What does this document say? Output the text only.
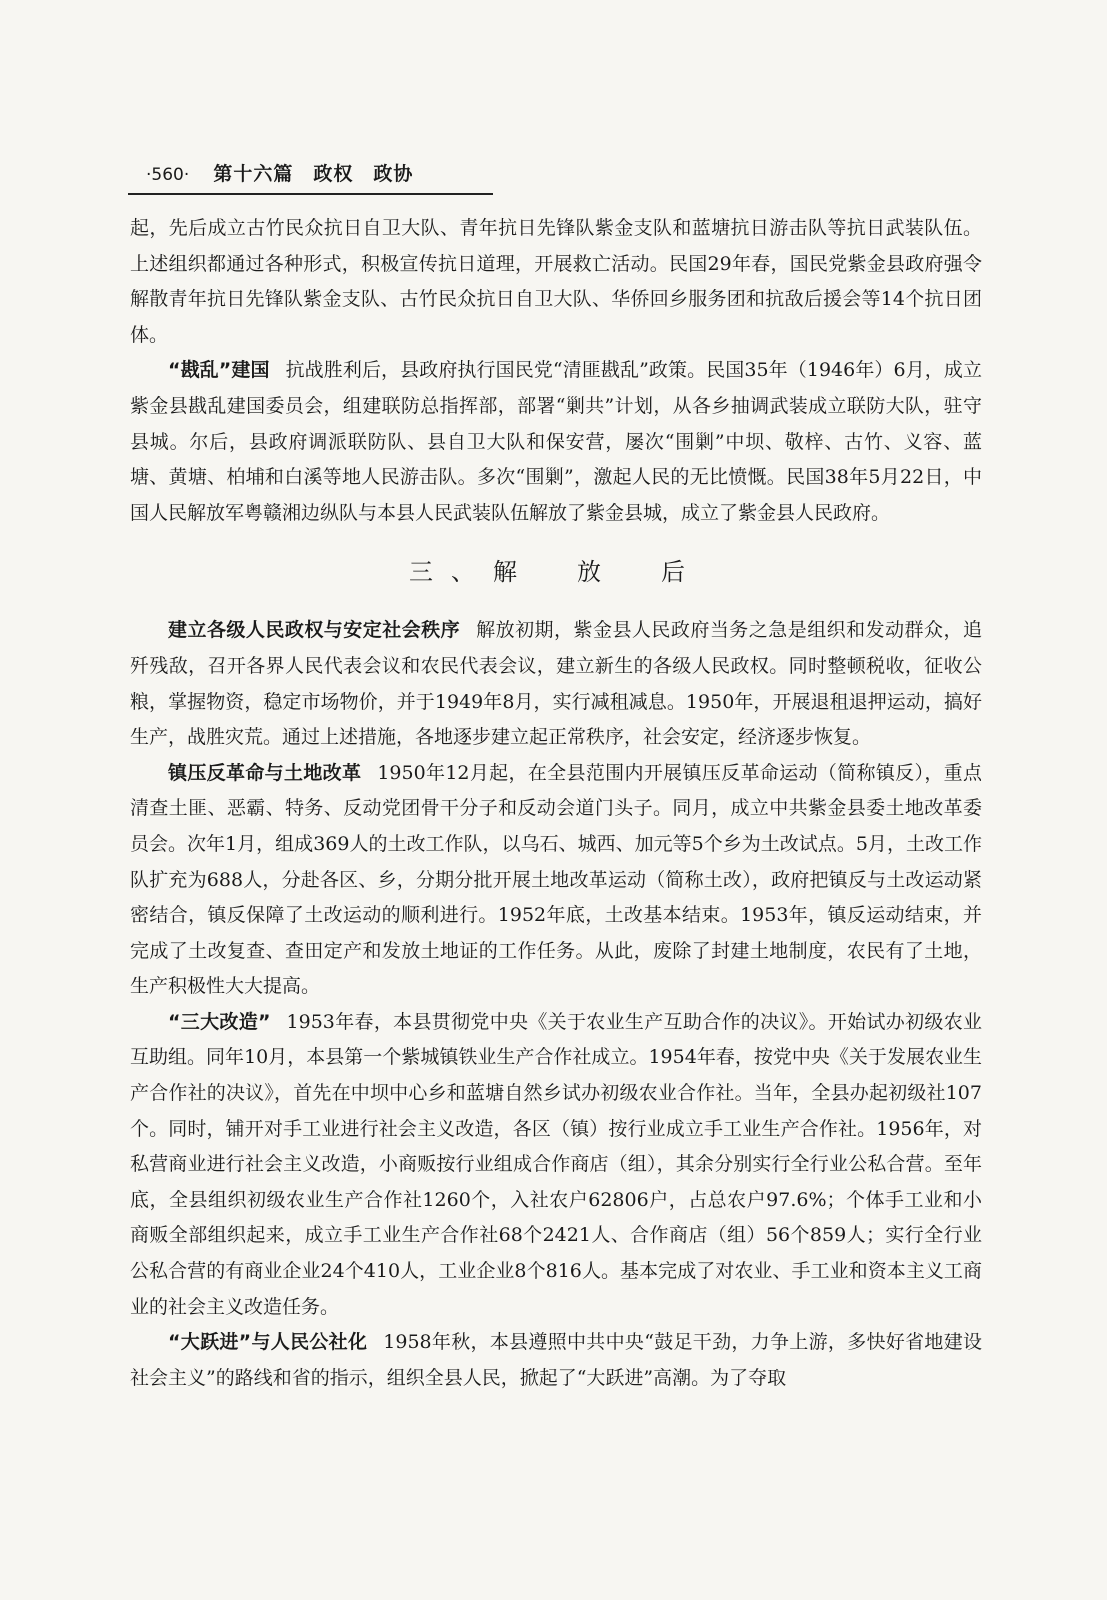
·560· 第十六篇　政权　政协

起，先后成立古竹民众抗日自卫大队、青年抗日先锋队紫金支队和蓝塘抗日游击队等抗日武装队伍。上述组织都通过各种形式，积极宣传抗日道理，开展救亡活动。民国29年春，国民党紫金县政府强令解散青年抗日先锋队紫金支队、古竹民众抗日自卫大队、华侨回乡服务团和抗敌后援会等14个抗日团体。

“戡乱”建国 抗战胜利后，县政府执行国民党“清匪戡乱”政策。民国35年（1946年）6月，成立紫金县戡乱建国委员会，组建联防总指挥部，部署“剿共”计划，从各乡抽调武装成立联防大队，驻守县城。尔后，县政府调派联防队、县自卫大队和保安营，屡次“围剿”中坝、敬梓、古竹、义容、蓝塘、黄塘、柏埔和白溪等地人民游击队。多次“围剿”，激起人民的无比愤慨。民国38年5月22日，中国人民解放军粤赣湘边纵队与本县人民武装队伍解放了紫金县城，成立了紫金县人民政府。

三、解　放　后

建立各级人民政权与安定社会秩序 解放初期，紫金县人民政府当务之急是组织和发动群众，追歼残敌，召开各界人民代表会议和农民代表会议，建立新生的各级人民政权。同时整顿税收，征收公粮，掌握物资，稳定市场物价，并于1949年8月，实行减租减息。1950年，开展退租退押运动，搞好生产，战胜灾荒。通过上述措施，各地逐步建立起正常秩序，社会安定，经济逐步恢复。

镇压反革命与土地改革 1950年12月起，在全县范围内开展镇压反革命运动（简称镇反），重点清查土匪、恶霸、特务、反动党团骨干分子和反动会道门头子。同月，成立中共紫金县委土地改革委员会。次年1月，组成369人的土改工作队，以乌石、城西、加元等5个乡为土改试点。5月，土改工作队扩充为688人，分赴各区、乡，分期分批开展土地改革运动（简称土改），政府把镇反与土改运动紧密结合，镇反保障了土改运动的顺利进行。1952年底，土改基本结束。1953年，镇反运动结束，并完成了土改复查、查田定产和发放土地证的工作任务。从此，废除了封建土地制度，农民有了土地，生产积极性大大提高。

“三大改造” 1953年春，本县贯彻党中央《关于农业生产互助合作的决议》。开始试办初级农业互助组。同年10月，本县第一个紫城镇铁业生产合作社成立。1954年春，按党中央《关于发展农业生产合作社的决议》，首先在中坝中心乡和蓝塘自然乡试办初级农业合作社。当年，全县办起初级社107个。同时，铺开对手工业进行社会主义改造，各区（镇）按行业成立手工业生产合作社。1956年，对私营商业进行社会主义改造，小商贩按行业组成合作商店（组），其余分别实行全行业公私合营。至年底，全县组织初级农业生产合作社1260个，入社农户62806户，占总农户97.6%；个体手工业和小商贩全部组织起来，成立手工业生产合作社68个2421人、合作商店（组）56个859人；实行全行业公私合营的有商业企业24个410人，工业企业8个816人。基本完成了对农业、手工业和资本主义工商业的社会主义改造任务。

“大跃进”与人民公社化 1958年秋，本县遵照中共中央“鼓足干劲，力争上游，多快好省地建设社会主义”的路线和省的指示，组织全县人民，掀起了“大跃进”高潮。为了夺取
